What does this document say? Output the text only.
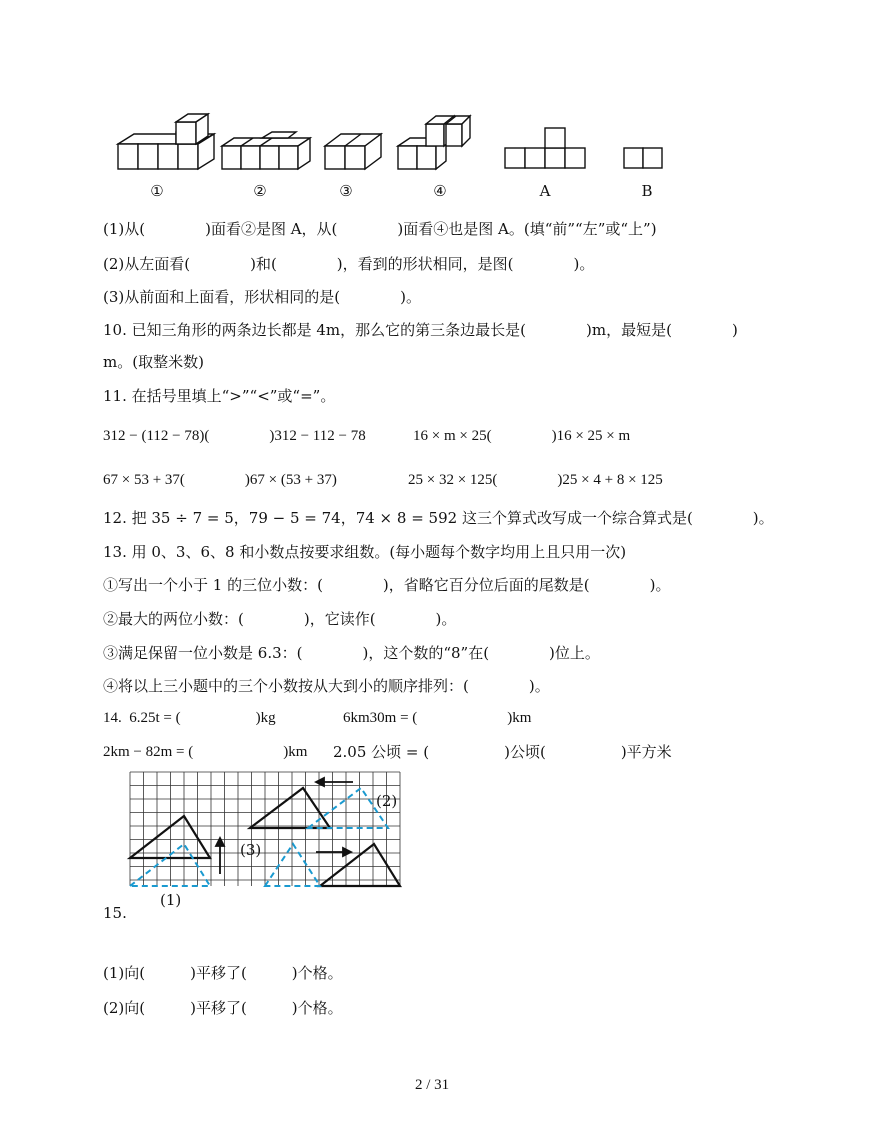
①	②	③	④	A	B
(1)从(　　　　)面看②是图 A，从(　　　　)面看④也是图 A。(填“前”“左”或“上”)
(2)从左面看(　　　　)和(　　　　)，看到的形状相同，是图(　　　　)。
(3)从前面和上面看，形状相同的是(　　　　)。
10. 已知三角形的两条边长都是 4m，那么它的第三条边最长是(　　　　)m，最短是(　　　　)
m。(取整米数)
11. 在括号里填上“>”“<”或“=”。
312 − (112 − 78)(　　　　)312 − 112 − 78	16 × m × 25(　　　　)16 × 25 × m
67 × 53 + 37(　　　　)67 × (53 + 37)	25 × 32 × 125(　　　　)25 × 4 + 8 × 125
12. 把 35 ÷ 7 = 5，79 − 5 = 74，74 × 8 = 592 这三个算式改写成一个综合算式是(　　　　)。
13. 用 0、3、6、8 和小数点按要求组数。(每小题每个数字均用上且只用一次)
①写出一个小于 1 的三位小数：(　　　　)，省略它百分位后面的尾数是(　　　　)。
②最大的两位小数：(　　　　)，它读作(　　　　)。
③满足保留一位小数是 6.3：(　　　　)，这个数的“8”在(　　　　)位上。
④将以上三小题中的三个小数按从大到小的顺序排列：(　　　　)。
14.  6.25t = (　　　　　)kg	6km30m = (　　　　　　)km
2km − 82m = (　　　　　　)km 2.05 公顷 = (　　　　　)公顷(　　　　　)平方米
(1)
(2)
(3)
15.
(1)向(　　　)平移了(　　　)个格。
(2)向(　　　)平移了(　　　)个格。
2 / 31
